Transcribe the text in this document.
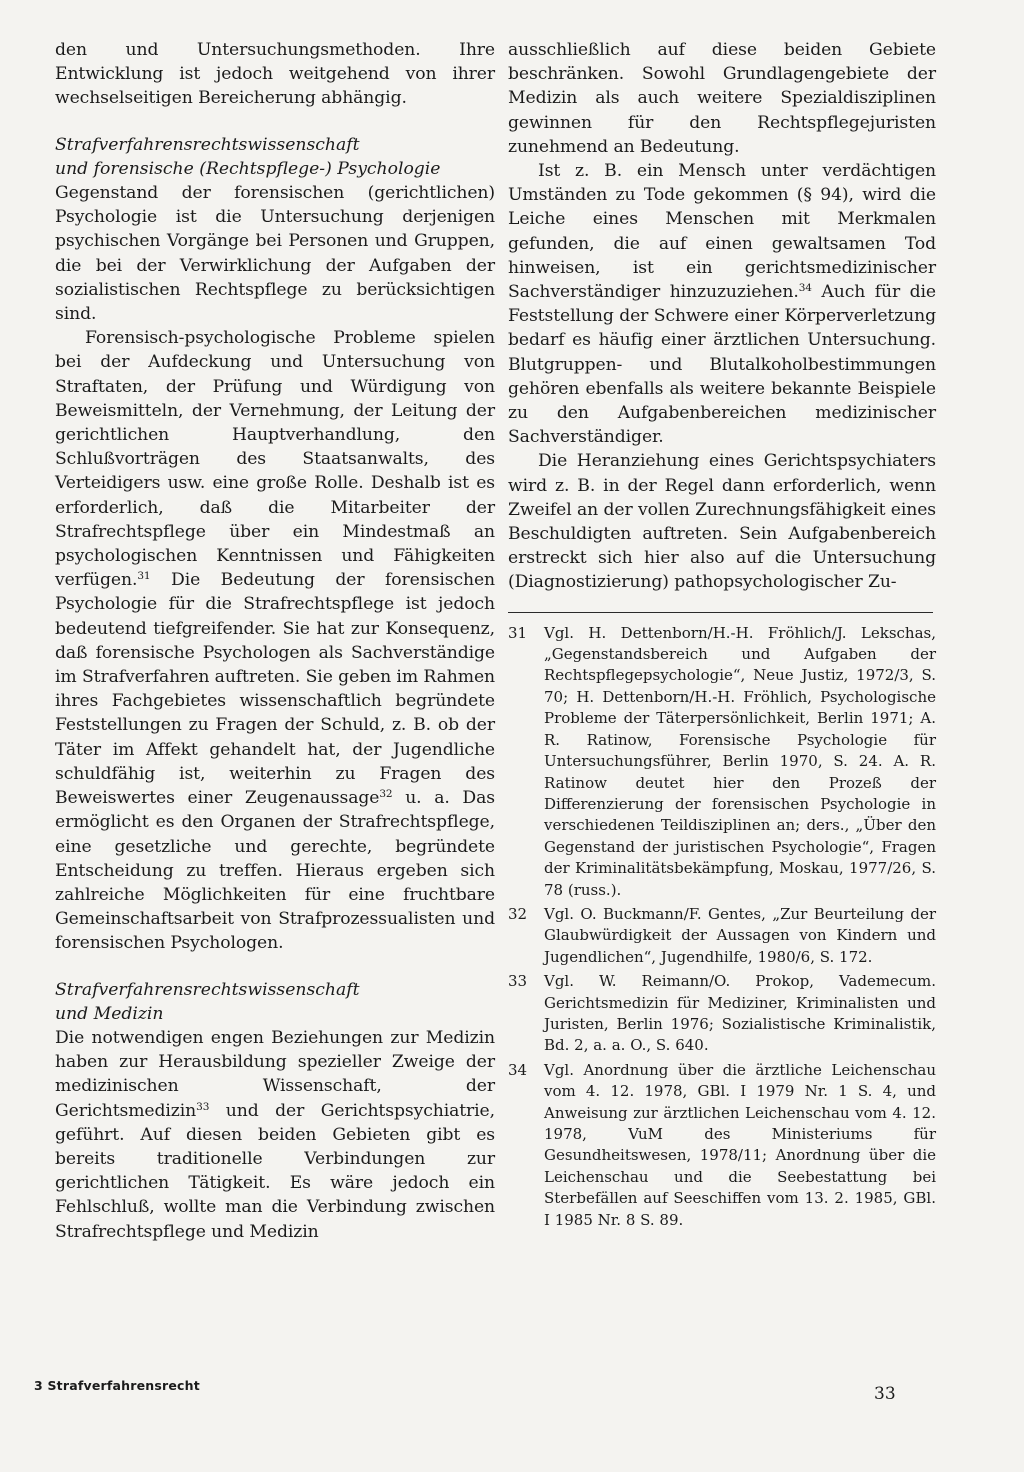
den und Untersuchungsmethoden. Ihre Entwicklung ist jedoch weitgehend von ihrer wechselseitigen Bereicherung abhängig.

Strafverfahrensrechtswissenschaft
und forensische (Rechtspflege-) Psychologie

Gegenstand der forensischen (gerichtlichen) Psychologie ist die Untersuchung derjenigen psychischen Vorgänge bei Personen und Gruppen, die bei der Verwirklichung der Aufgaben der sozialistischen Rechtspflege zu berücksichtigen sind.

Forensisch-psychologische Probleme spielen bei der Aufdeckung und Untersuchung von Straftaten, der Prüfung und Würdigung von Beweismitteln, der Vernehmung, der Leitung der gerichtlichen Hauptverhandlung, den Schlußvorträgen des Staatsanwalts, des Verteidigers usw. eine große Rolle. Deshalb ist es erforderlich, daß die Mitarbeiter der Strafrechtspflege über ein Mindestmaß an psychologischen Kenntnissen und Fähigkeiten verfügen.$^{31}$ Die Bedeutung der forensischen Psychologie für die Strafrechtspflege ist jedoch bedeutend tiefgreifender. Sie hat zur Konsequenz, daß forensische Psychologen als Sachverständige im Strafverfahren auftreten. Sie geben im Rahmen ihres Fachgebietes wissenschaftlich begründete Feststellungen zu Fragen der Schuld, z. B. ob der Täter im Affekt gehandelt hat, der Jugendliche schuldfähig ist, weiterhin zu Fragen des Beweiswertes einer Zeugenaussage$^{32}$ u. a. Das ermöglicht es den Organen der Strafrechtspflege, eine gesetzliche und gerechte, begründete Entscheidung zu treffen. Hieraus ergeben sich zahlreiche Möglichkeiten für eine fruchtbare Gemeinschaftsarbeit von Strafprozessualisten und forensischen Psychologen.

Strafverfahrensrechtswissenschaft
und Medizin

Die notwendigen engen Beziehungen zur Medizin haben zur Herausbildung spezieller Zweige der medizinischen Wissenschaft, der Gerichtsmedizin$^{33}$ und der Gerichtspsychiatrie, geführt. Auf diesen beiden Gebieten gibt es bereits traditionelle Verbindungen zur gerichtlichen Tätigkeit. Es wäre jedoch ein Fehlschluß, wollte man die Verbindung zwischen Strafrechtspflege und Medizin

ausschließlich auf diese beiden Gebiete beschränken. Sowohl Grundlagengebiete der Medizin als auch weitere Spezialdisziplinen gewinnen für den Rechtspflegejuristen zunehmend an Bedeutung.

Ist z. B. ein Mensch unter verdächtigen Umständen zu Tode gekommen (§ 94), wird die Leiche eines Menschen mit Merkmalen gefunden, die auf einen gewaltsamen Tod hinweisen, ist ein gerichtsmedizinischer Sachverständiger hinzuzuziehen.$^{34}$ Auch für die Feststellung der Schwere einer Körperverletzung bedarf es häufig einer ärztlichen Untersuchung. Blutgruppen- und Blutalkoholbestimmungen gehören ebenfalls als weitere bekannte Beispiele zu den Aufgabenbereichen medizinischer Sachverständiger.

Die Heranziehung eines Gerichtspsychiaters wird z. B. in der Regel dann erforderlich, wenn Zweifel an der vollen Zurechnungsfähigkeit eines Beschuldigten auftreten. Sein Aufgabenbereich erstreckt sich hier also auf die Untersuchung (Diagnostizierung) pathopsychologischer Zu-

31 Vgl. H. Dettenborn/H.-H. Fröhlich/J. Lekschas, „Gegenstandsbereich und Aufgaben der Rechtspflegepsychologie“, Neue Justiz, 1972/3, S. 70; H. Dettenborn/H.-H. Fröhlich, Psychologische Probleme der Täterpersönlichkeit, Berlin 1971; A. R. Ratinow, Forensische Psychologie für Untersuchungsführer, Berlin 1970, S. 24. A. R. Ratinow deutet hier den Prozeß der Differenzierung der forensischen Psychologie in verschiedenen Teildisziplinen an; ders., „Über den Gegenstand der juristischen Psychologie“, Fragen der Kriminalitätsbekämpfung, Moskau, 1977/26, S. 78 (russ.).
32 Vgl. O. Buckmann/F. Gentes, „Zur Beurteilung der Glaubwürdigkeit der Aussagen von Kindern und Jugendlichen“, Jugendhilfe, 1980/6, S. 172.
33 Vgl. W. Reimann/O. Prokop, Vademecum. Gerichtsmedizin für Mediziner, Kriminalisten und Juristen, Berlin 1976; Sozialistische Kriminalistik, Bd. 2, a. a. O., S. 640.
34 Vgl. Anordnung über die ärztliche Leichenschau vom 4. 12. 1978, GBl. I 1979 Nr. 1 S. 4, und Anweisung zur ärztlichen Leichenschau vom 4. 12. 1978, VuM des Ministeriums für Gesundheitswesen, 1978/11; Anordnung über die Leichenschau und die Seebestattung bei Sterbefällen auf Seeschiffen vom 13. 2. 1985, GBl. I 1985 Nr. 8 S. 89.
3 Strafverfahrensrecht	33
